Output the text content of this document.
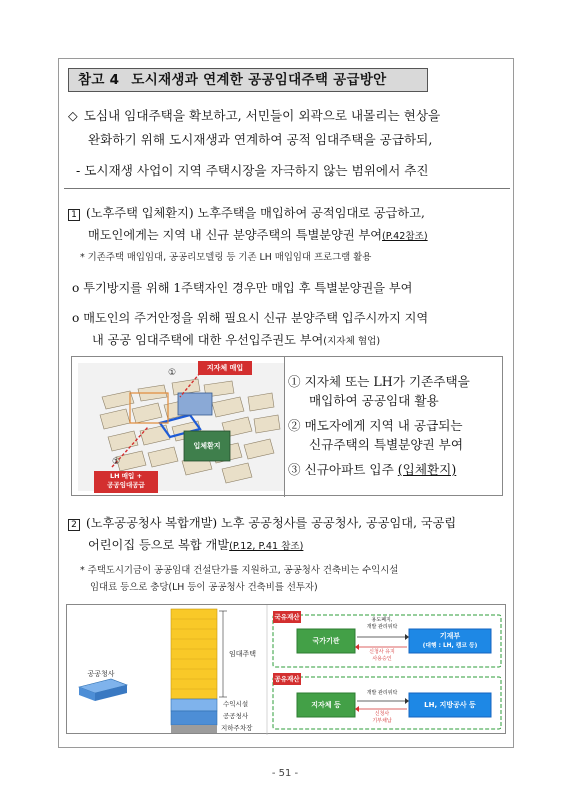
참고 4 도시재생과 연계한 공공임대주택 공급방안
◇ 도심내 임대주택을 확보하고, 서민들이 외곽으로 내몰리는 현상을
완화하기 위해 도시재생과 연계하여 공적 임대주택을 공급하되,
- 도시재생 사업이 지역 주택시장을 자극하지 않는 범위에서 추진
1 (노후주택 입체환지) 노후주택을 매입하여 공적임대로 공급하고,
매도인에게는 지역 내 신규 분양주택의 특별분양권 부여(P.42참조)
* 기존주택 매입임대, 공공리모델링 등 기존 LH 매입임대 프로그램 활용
o 투기방지를 위해 1주택자인 경우만 매입 후 특별분양권을 부여
o 매도인의 주거안정을 위해 필요시 신규 분양주택 입주시까지 지역
내 공공 임대주택에 대한 우선입주권도 부여(지자체 협업)
지자체 매입
①
①
입체환지
LH 매입 +
공공임대공급
① 지자체 또는 LH가 기존주택을
매입하여 공공임대 활용
② 매도자에게 지역 내 공급되는
신규주택의 특별분양권 부여
③ 신규아파트 입주 (입체환지)
2 (노후공공청사 복합개발) 노후 공공청사를 공공청사, 공공임대, 국공립
어린이집 등으로 복합 개발(P.12, P.41 참조)
* 주택도시기금이 공공임대 건설단가를 지원하고, 공공청사 건축비는 수익시설
임대료 등으로 충당(LH 등이 공공청사 건축비를 선투자)
공공청사
임대주택
수익시설
공공청사
지하주차장
국유재산
공유재산
국가기관
기재부
(대행 : LH, 캠코 등)
용도폐지,
개발 관리위탁
신청사 유지
사용승인
지자체 등	LH, 지방공사 등
개발 관리위탁
신청사
기부채납
- 51 -
